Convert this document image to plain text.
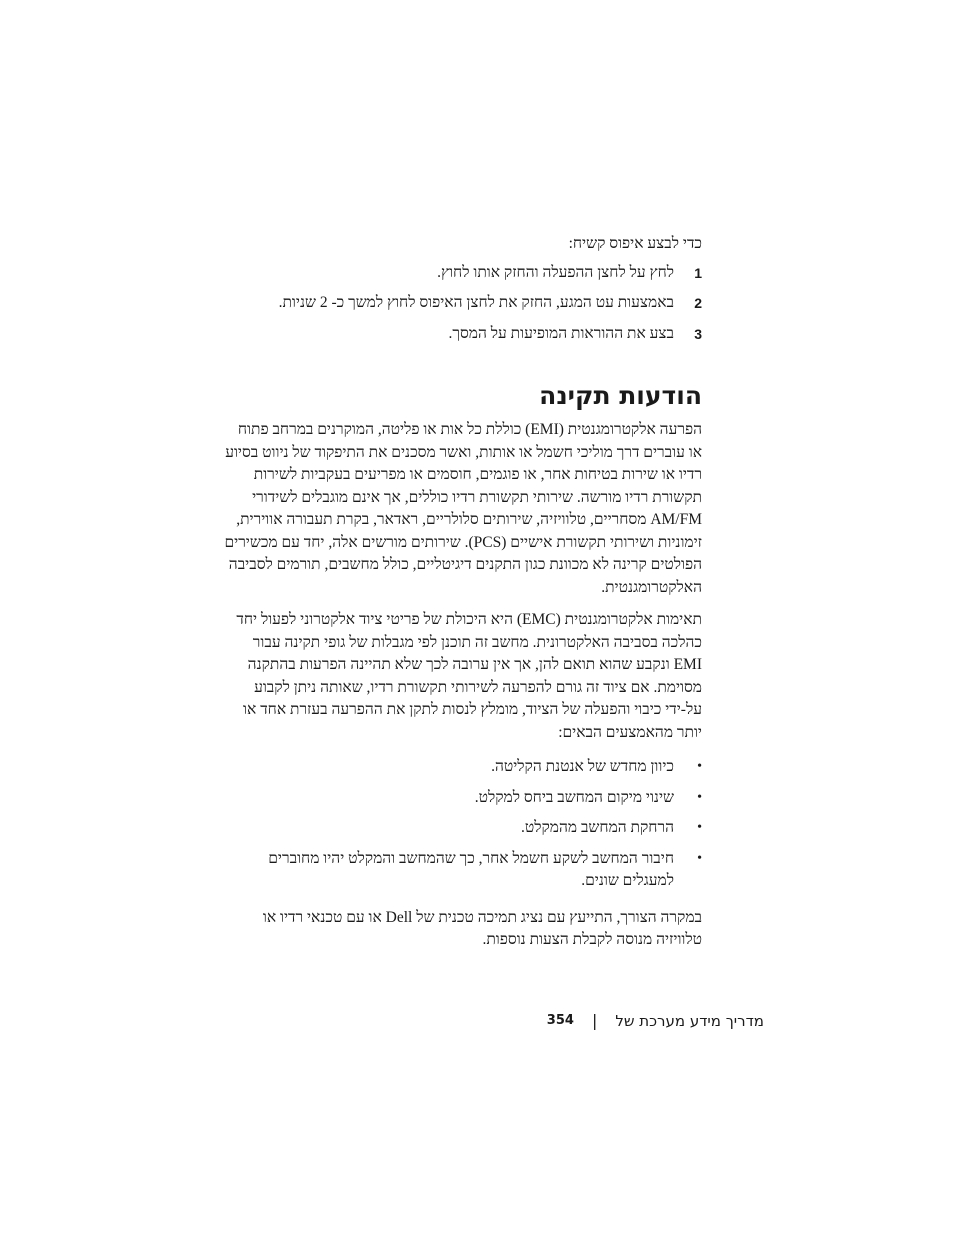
כדי לבצע איפוס קשיח:

1
לחץ על לחצן ההפעלה והחזק אותו לחוץ.
2
באמצעות עט המגע, החזק את לחצן האיפוס לחוץ למשך כ- 2 שניות.
3
בצע את ההוראות המופיעות על המסך.
הודעות תקינה

הפרעה אלקטרומגנטית (EMI) כוללת כל אות או פליטה, המוקרנים במרחב פתוח או עוברים דרך מוליכי חשמל או אותות, ואשר מסכנים את התיפקוד של ניווט בסיוע רדיו או שירות בטיחות אחר, או פוגמים, חוסמים או מפריעים בעקביות לשירות תקשורת רדיו מורשה. שירותי תקשורת רדיו כוללים, אך אינם מוגבלים לשידורי AM/FM מסחריים, טלוויזיה, שירותים סלולריים, ראדאר, בקרת תעבורה אווירית, זימוניות ושירותי תקשורת אישיים (PCS). שירותים מורשים אלה, יחד עם מכשירים הפולטים קרינה לא מכוונת כגון התקנים דיגיטליים, כולל מחשבים, תורמים לסביבה האלקטרומגנטית.

תאימות אלקטרומגנטית (EMC) היא היכולת של פריטי ציוד אלקטרוני לפעול יחד כהלכה בסביבה האלקטרונית. מחשב זה תוכנן לפי מגבלות של גופי תקינה עבור EMI ונקבע שהוא תואם להן, אך אין ערובה לכך שלא תהיינה הפרעות בהתקנה מסוימת. אם ציוד זה גורם להפרעה לשירותי תקשורת רדיו, שאותה ניתן לקבוע על-ידי כיבוי והפעלה של הציוד, מומלץ לנסות לתקן את ההפרעה בעזרת אחד או יותר מהאמצעים הבאים:

•
כיוון מחדש של אנטנת הקליטה.
•
שינוי מיקום המחשב ביחס למקלט.
•
הרחקת המחשב מהמקלט.
•
חיבור המחשב לשקע חשמל אחר, כך שהמחשב והמקלט יהיו מחוברים למעגלים שונים.

במקרה הצורך, התייעץ עם נציג תמיכה טכנית של Dell או עם טכנאי רדיו או טלוויזיה מנוסה לקבלת הצעות נוספות.

מדריך מידע מערכת של
|
354
